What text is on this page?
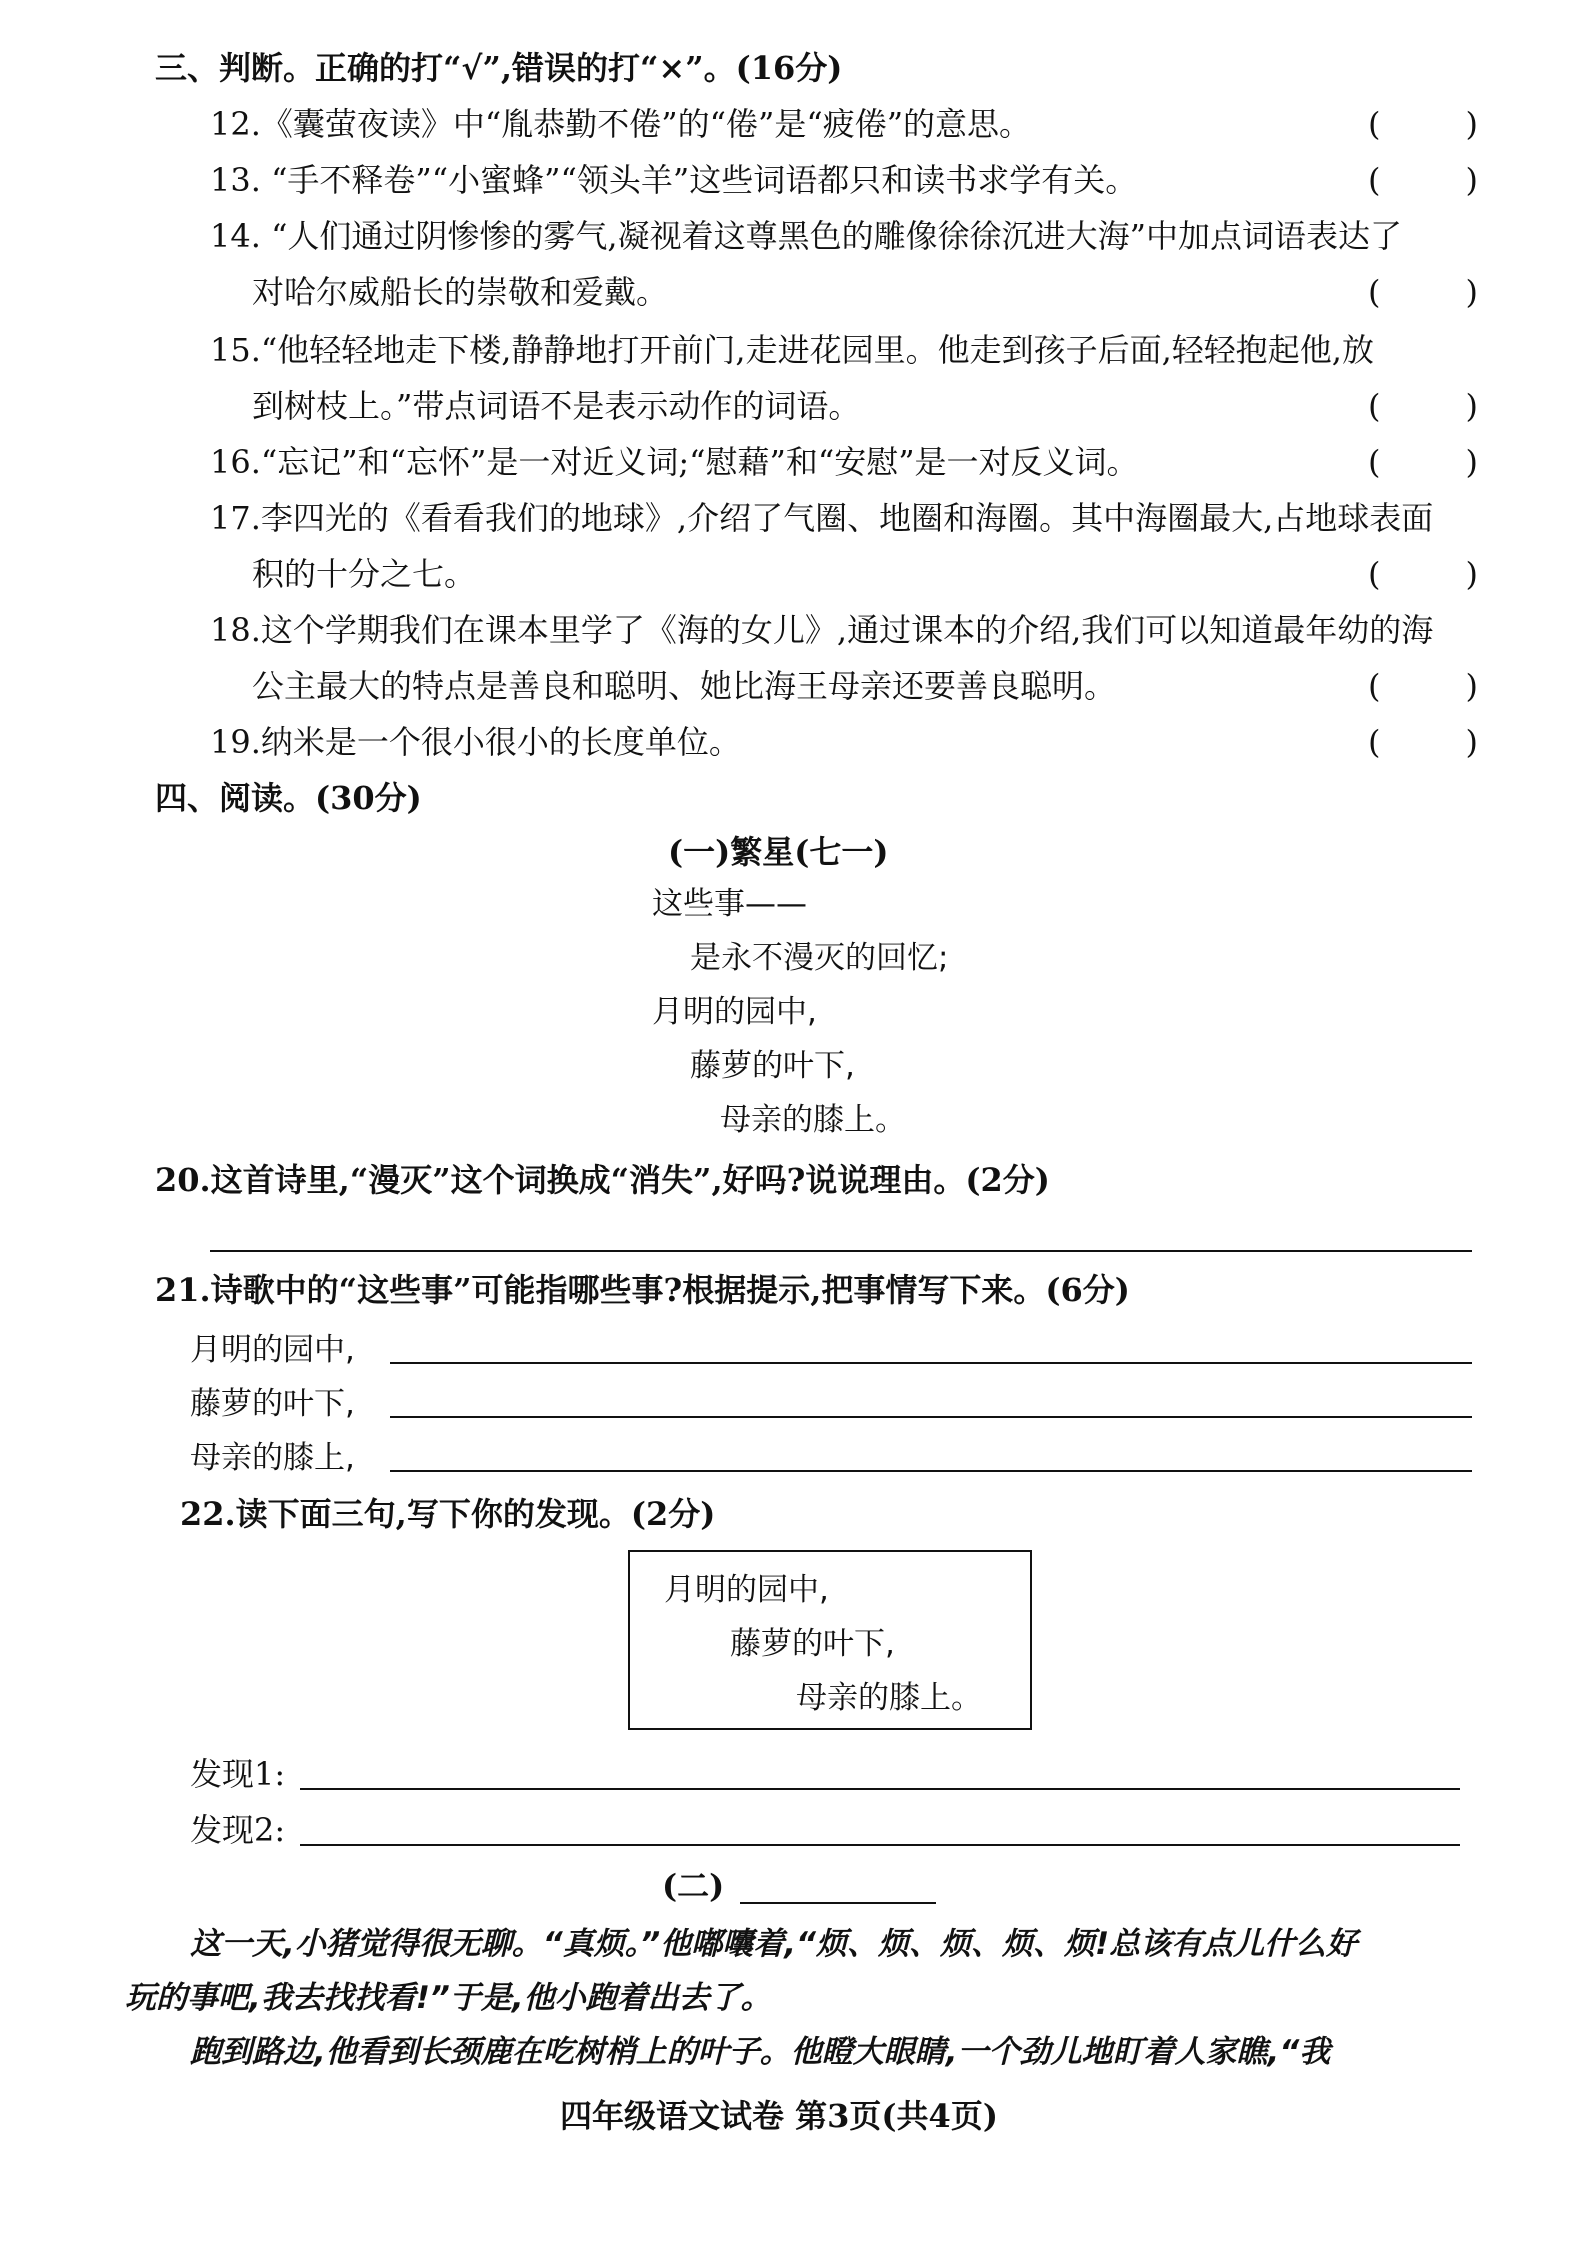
三、判断。正确的打“√”,错误的打“×”。(16分)
12.《囊萤夜读》中“胤恭勤不倦”的“倦”是“疲倦”的意思。	(	)
13. “手不释卷”“小蜜蜂”“领头羊”这些词语都只和读书求学有关。	(	)
14. “人们通过阴惨惨的雾气,凝视着这尊黑色的雕像徐徐沉进大海”中加点词语表达了
对哈尔威船长的崇敬和爱戴。	(	)
15.“他轻轻地走下楼,静静地打开前门,走进花园里。他走到孩子后面,轻轻抱起他,放
到树枝上。”带点词语不是表示动作的词语。	(	)
16.“忘记”和“忘怀”是一对近义词;“慰藉”和“安慰”是一对反义词。	(	)
17.李四光的《看看我们的地球》,介绍了气圈、地圈和海圈。其中海圈最大,占地球表面
积的十分之七。	(	)
18.这个学期我们在课本里学了《海的女儿》,通过课本的介绍,我们可以知道最年幼的海
公主最大的特点是善良和聪明、她比海王母亲还要善良聪明。	(	)
19.纳米是一个很小很小的长度单位。	(	)
四、阅读。(30分)
(一)繁星(七一)
这些事——
是永不漫灭的回忆;
月明的园中,
藤萝的叶下,
母亲的膝上。
20.这首诗里,“漫灭”这个词换成“消失”,好吗?说说理由。(2分)
21.诗歌中的“这些事”可能指哪些事?根据提示,把事情写下来。(6分)
月明的园中,
藤萝的叶下,
母亲的膝上,
22.读下面三句,写下你的发现。(2分)
月明的园中,
藤萝的叶下,
母亲的膝上。
发现1:
发现2:
(二)
这一天,小猪觉得很无聊。“真烦。”他嘟囔着,“烦、烦、烦、烦、烦!总该有点儿什么好
玩的事吧,我去找找看!”于是,他小跑着出去了。
跑到路边,他看到长颈鹿在吃树梢上的叶子。他瞪大眼睛,一个劲儿地盯着人家瞧,“我
四年级语文试卷 第3页(共4页)
